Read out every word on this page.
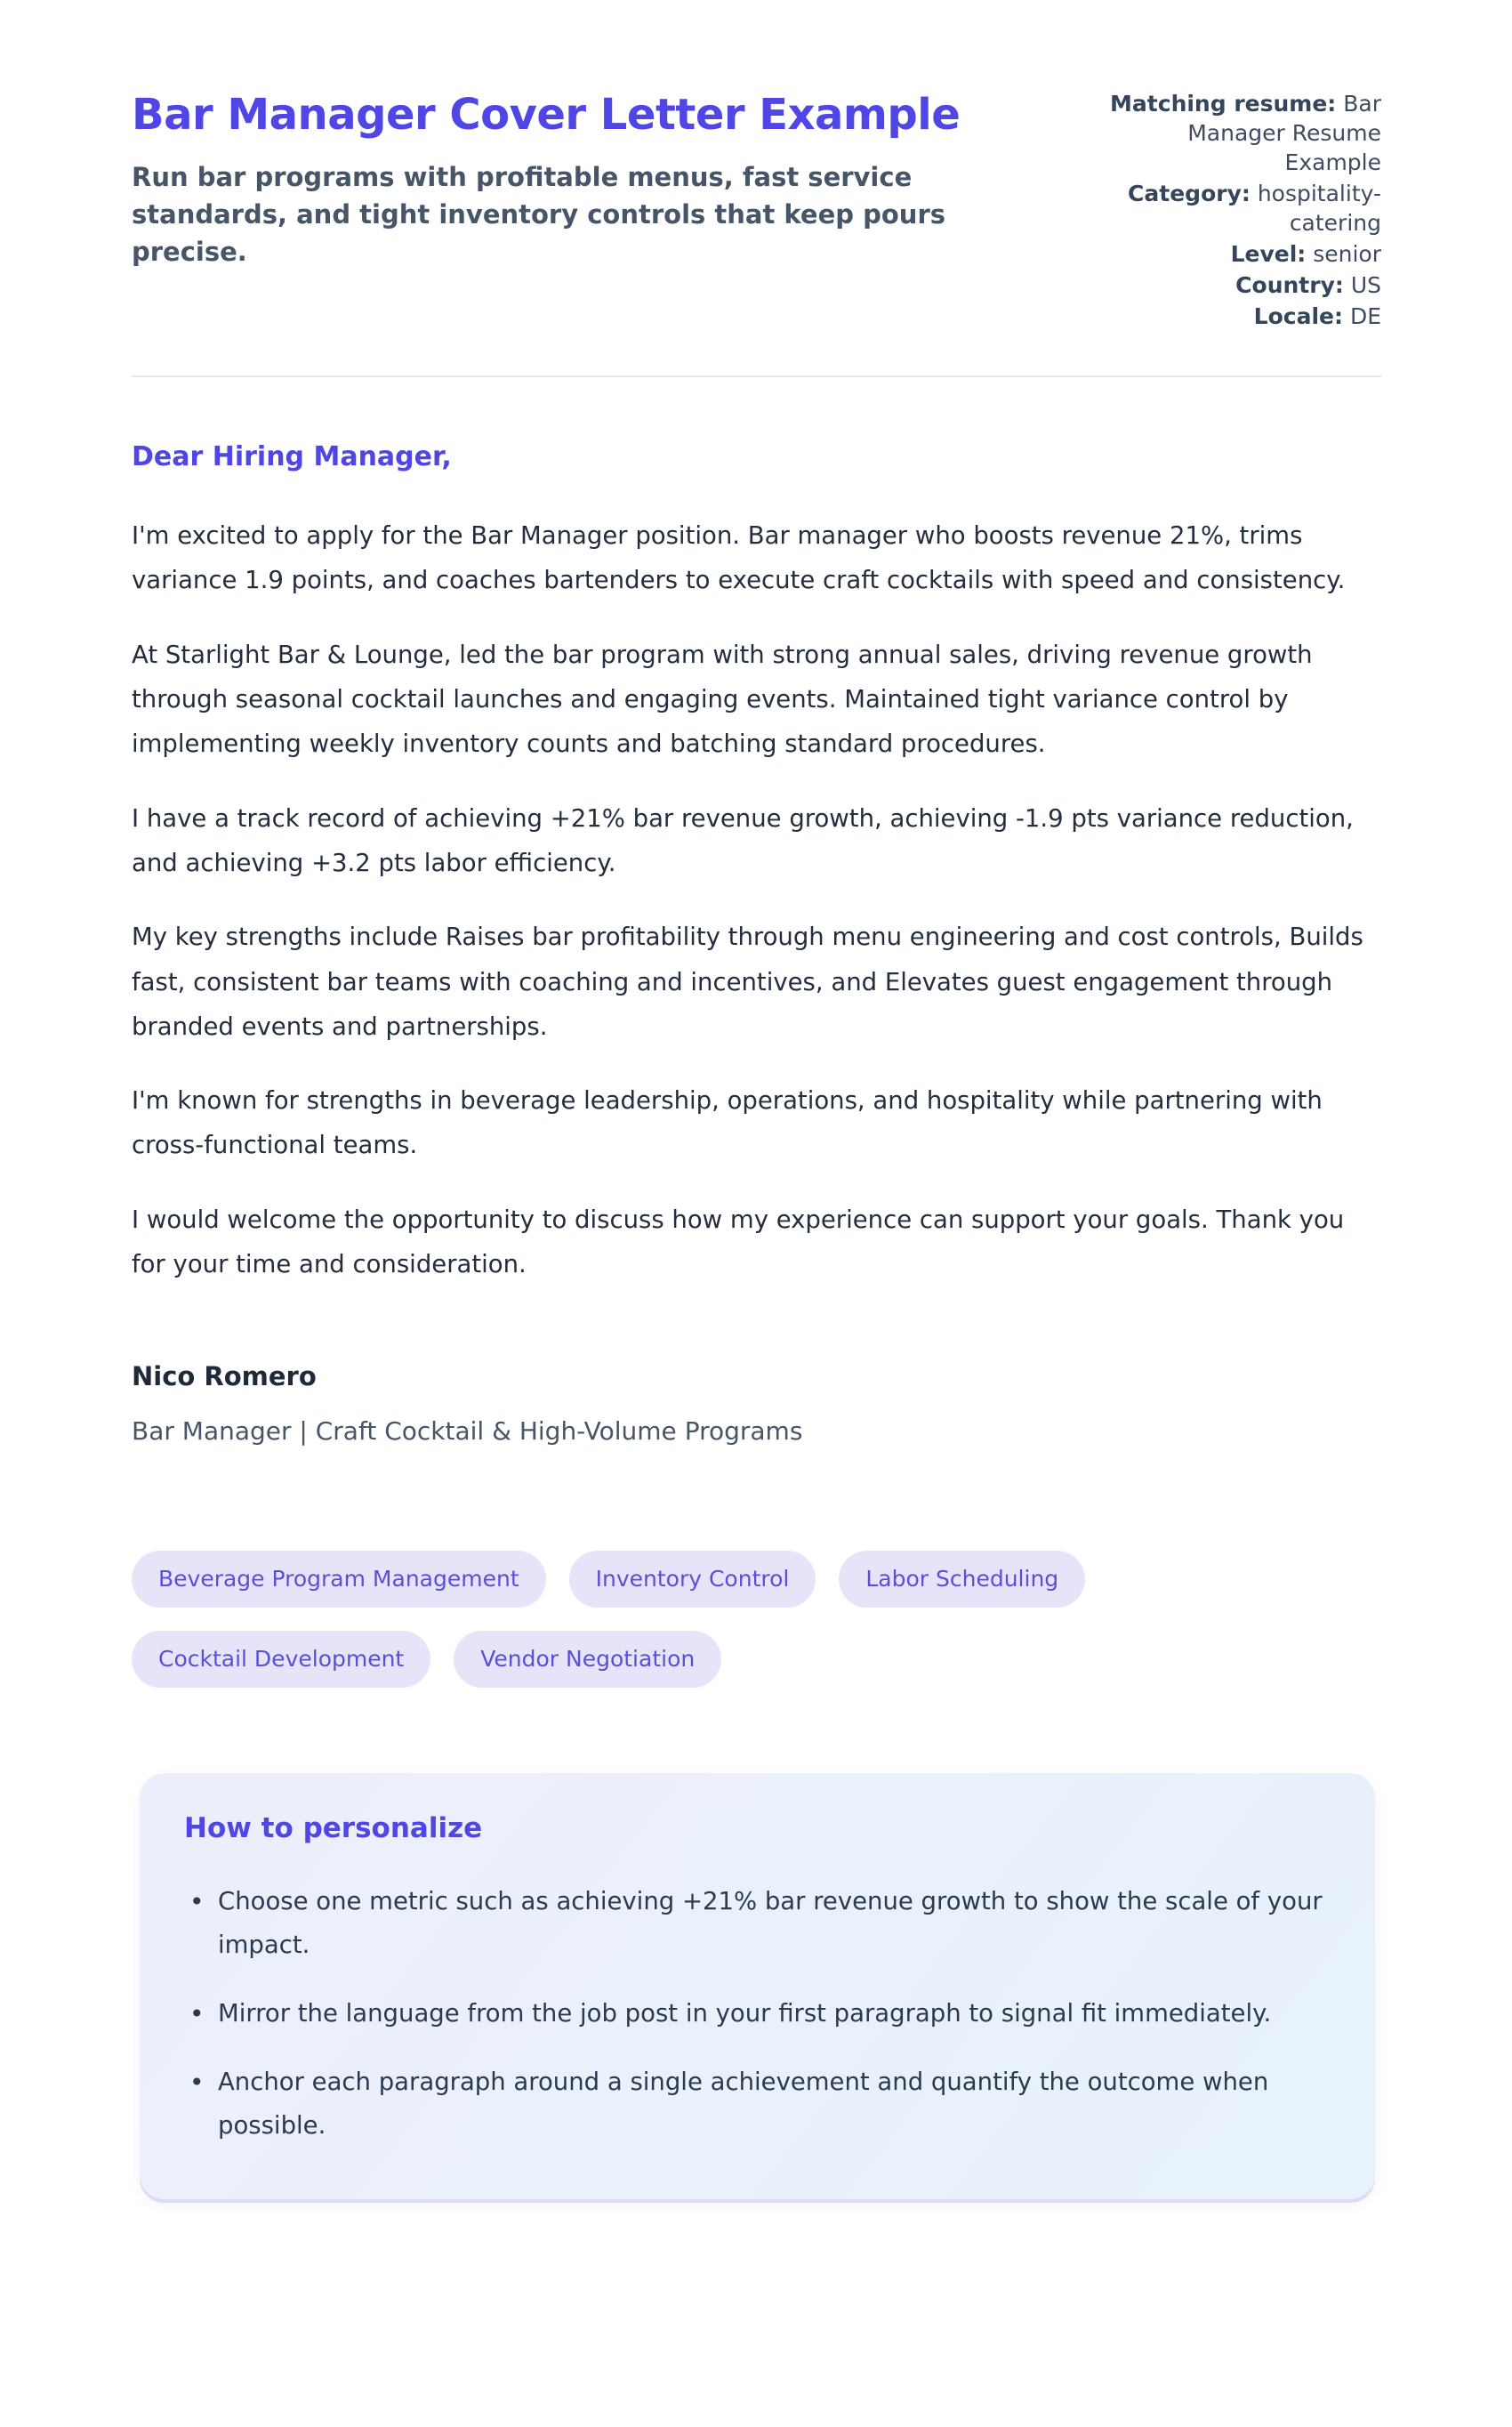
Bar Manager Cover Letter Example
Run bar programs with profitable menus, fast service standards, and tight inventory controls that keep pours precise.
Matching resume: Bar Manager Resume Example
Category: hospitality-catering
Level: senior
Country: US
Locale: DE
Dear Hiring Manager,

I'm excited to apply for the Bar Manager position. Bar manager who boosts revenue 21%, trims variance 1.9 points, and coaches bartenders to execute craft cocktails with speed and consistency.

At Starlight Bar & Lounge, led the bar program with strong annual sales, driving revenue growth through seasonal cocktail launches and engaging events. Maintained tight variance control by implementing weekly inventory counts and batching standard procedures.

I have a track record of achieving +21% bar revenue growth, achieving -1.9 pts variance reduction, and achieving +3.2 pts labor efficiency.

My key strengths include Raises bar profitability through menu engineering and cost controls, Builds fast, consistent bar teams with coaching and incentives, and Elevates guest engagement through branded events and partnerships.

I'm known for strengths in beverage leadership, operations, and hospitality while partnering with cross-functional teams.

I would welcome the opportunity to discuss how my experience can support your goals. Thank you for your time and consideration.

Nico Romero
Bar Manager | Craft Cocktail & High-Volume Programs
Beverage Program Management	Inventory Control	Labor Scheduling
Cocktail Development	Vendor Negotiation
How to personalize
• Choose one metric such as achieving +21% bar revenue growth to show the scale of your impact.
• Mirror the language from the job post in your first paragraph to signal fit immediately.
• Anchor each paragraph around a single achievement and quantify the outcome when possible.
